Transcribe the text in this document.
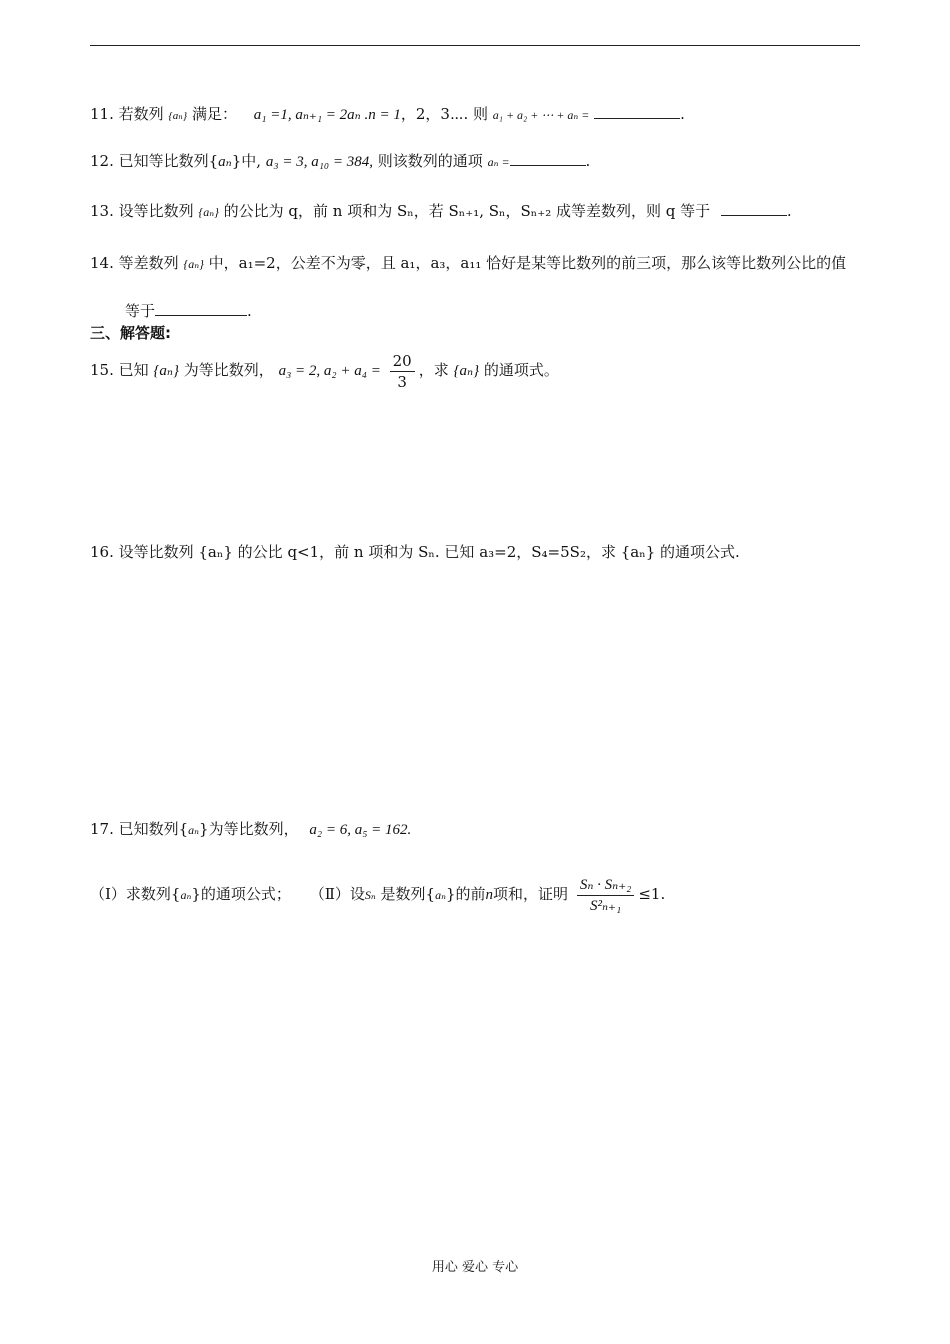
11. 若数列 {aₙ} 满足： a₁ =1, aₙ₊₁ = 2aₙ .n = 1，2，3⋯. 则 a₁ + a₂ + ⋯ + aₙ =	.
12. 已知等比数列{aₙ}中, a₃ = 3, a₁₀ = 384, 则该数列的通项 aₙ =	.
13. 设等比数列 {aₙ} 的公比为 q，前 n 项和为 Sₙ，若 Sₙ₊₁, Sₙ，Sₙ₊₂ 成等差数列，则 q 等于	.
14. 等差数列 {aₙ} 中，a₁=2，公差不为零，且 a₁，a₃，a₁₁ 恰好是某等比数列的前三项，那么该等比数列公比的值
等于	.
三、解答题:
15. 已知 {aₙ} 为等比数列， a₃ = 2, $a_2 + a_4 = \frac{20}{3}$ ，求 {aₙ} 的通项式。
16. 设等比数列 {aₙ} 的公比 q<1，前 n 项和为 Sₙ. 已知 a₃=2，S₄=5S₂，求 {aₙ} 的通项公式.
17. 已知数列{aₙ}为等比数列， a₂ = 6, a₅ = 162.
（Ⅰ）求数列{aₙ}的通项公式； （Ⅱ）设Sₙ 是数列{aₙ}的前n项和，证明 $\frac{\text{Sₙ · Sₙ₊₂}}{\text{S²ₙ₊₁}} \le 1$.
用心 爱心 专心
